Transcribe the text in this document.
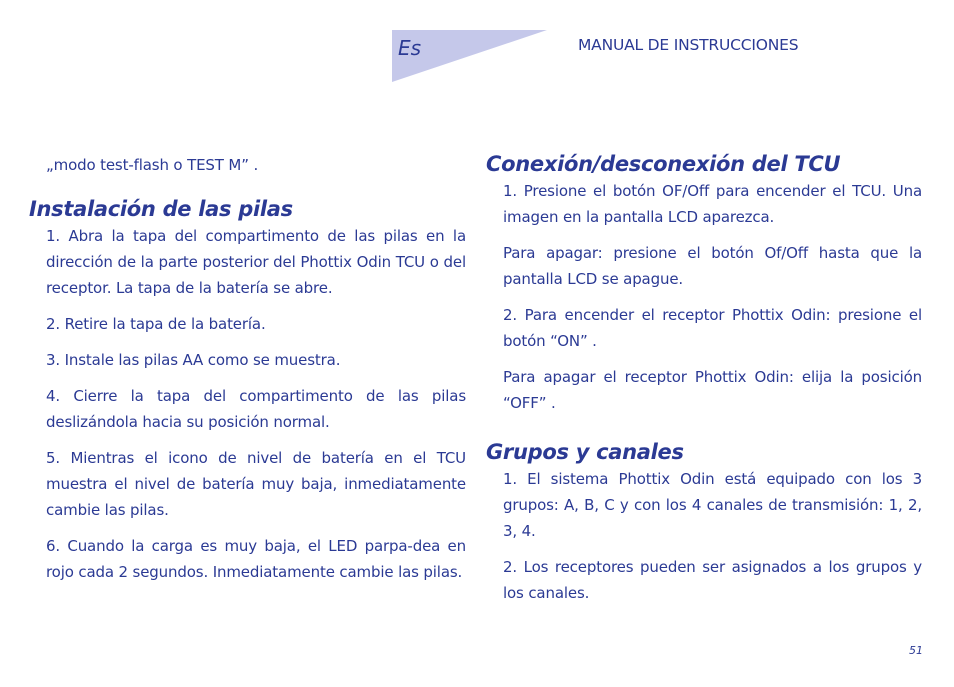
Es	MANUAL DE INSTRUCCIONES

„modo test-flash o TEST M” .

Instalación de las pilas

1. Abra la tapa del compartimento de las pilas en la dirección de la parte posterior del Phottix Odin TCU o del receptor. La tapa de la batería se abre.

2. Retire la tapa de la batería.

3. Instale las pilas AA como se muestra.

4. Cierre la tapa del compartimento de las pilas deslizándola hacia su posición normal.

5. Mientras el icono de nivel de batería en el TCU muestra el nivel de batería muy baja, inmediatamente cambie las pilas.

6. Cuando la carga es muy baja, el LED parpa-dea en rojo cada 2 segundos. Inmediatamente cambie las pilas.

Conexión/desconexión del TCU

1. Presione el botón OF/Off para encender el TCU. Una imagen en la pantalla LCD aparezca.

Para apagar: presione el botón Of/Off hasta que la pantalla LCD se apague.

2. Para encender el receptor Phottix Odin: presione el botón “ON” .

Para apagar el receptor Phottix Odin: elija la posición “OFF” .

Grupos y canales

1. El sistema Phottix Odin está equipado con los 3 grupos: A, B, C y con los 4 canales de transmisión: 1, 2, 3, 4.

2. Los receptores pueden ser asignados a los grupos y los canales.

51
